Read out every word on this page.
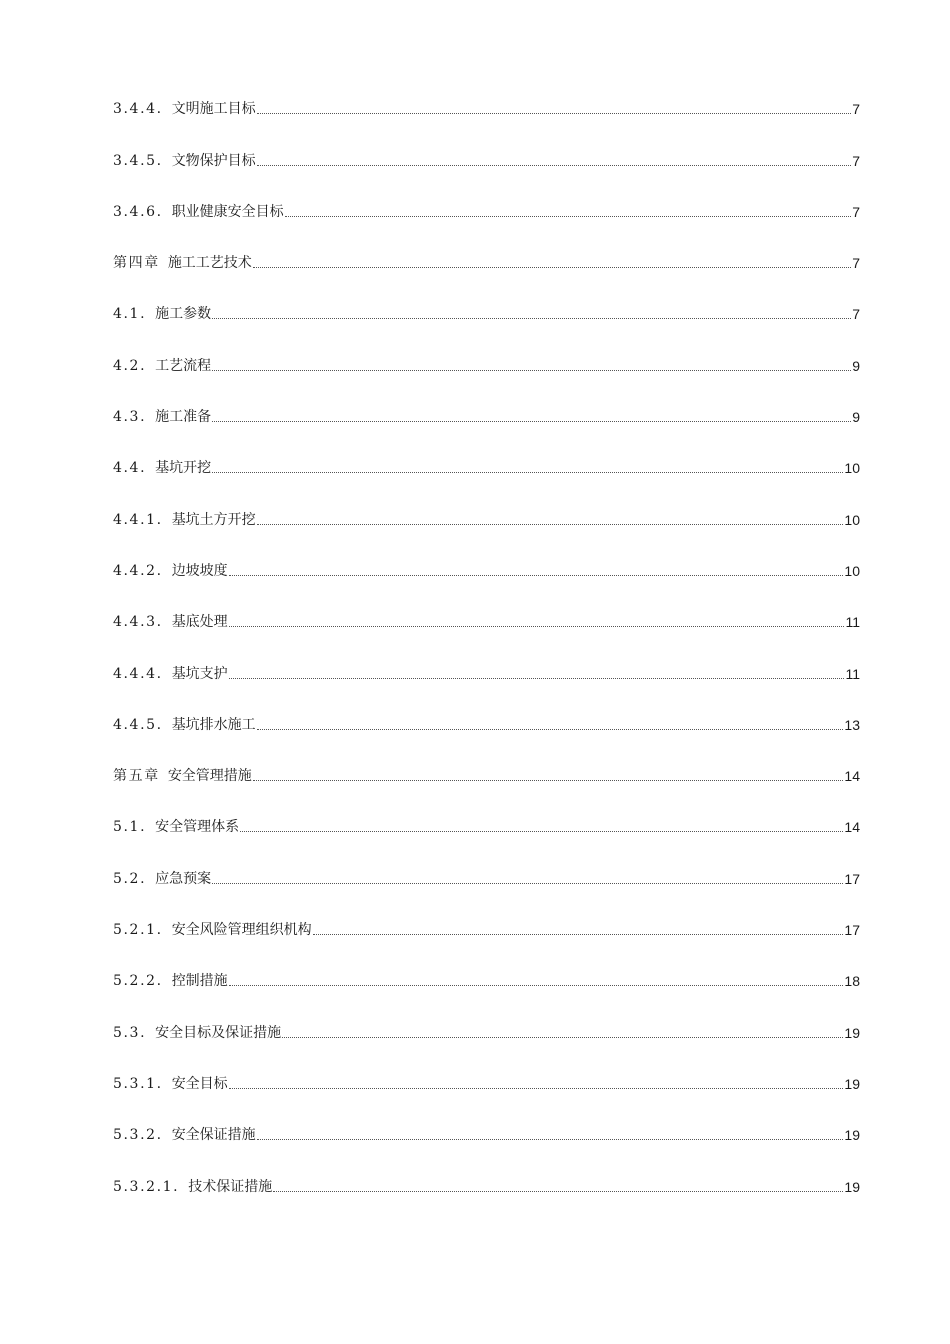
3.4.4. 文明施工目标	7
3.4.5. 文物保护目标	7
3.4.6. 职业健康安全目标	7
第四章 施工工艺技术	7
4.1. 施工参数	7
4.2. 工艺流程	9
4.3. 施工准备	9
4.4. 基坑开挖	10
4.4.1. 基坑土方开挖	10
4.4.2. 边坡坡度	10
4.4.3. 基底处理	11
4.4.4. 基坑支护	11
4.4.5. 基坑排水施工	13
第五章 安全管理措施	14
5.1. 安全管理体系	14
5.2. 应急预案	17
5.2.1. 安全风险管理组织机构	17
5.2.2. 控制措施	18
5.3. 安全目标及保证措施	19
5.3.1. 安全目标	19
5.3.2. 安全保证措施	19
5.3.2.1. 技术保证措施	19
